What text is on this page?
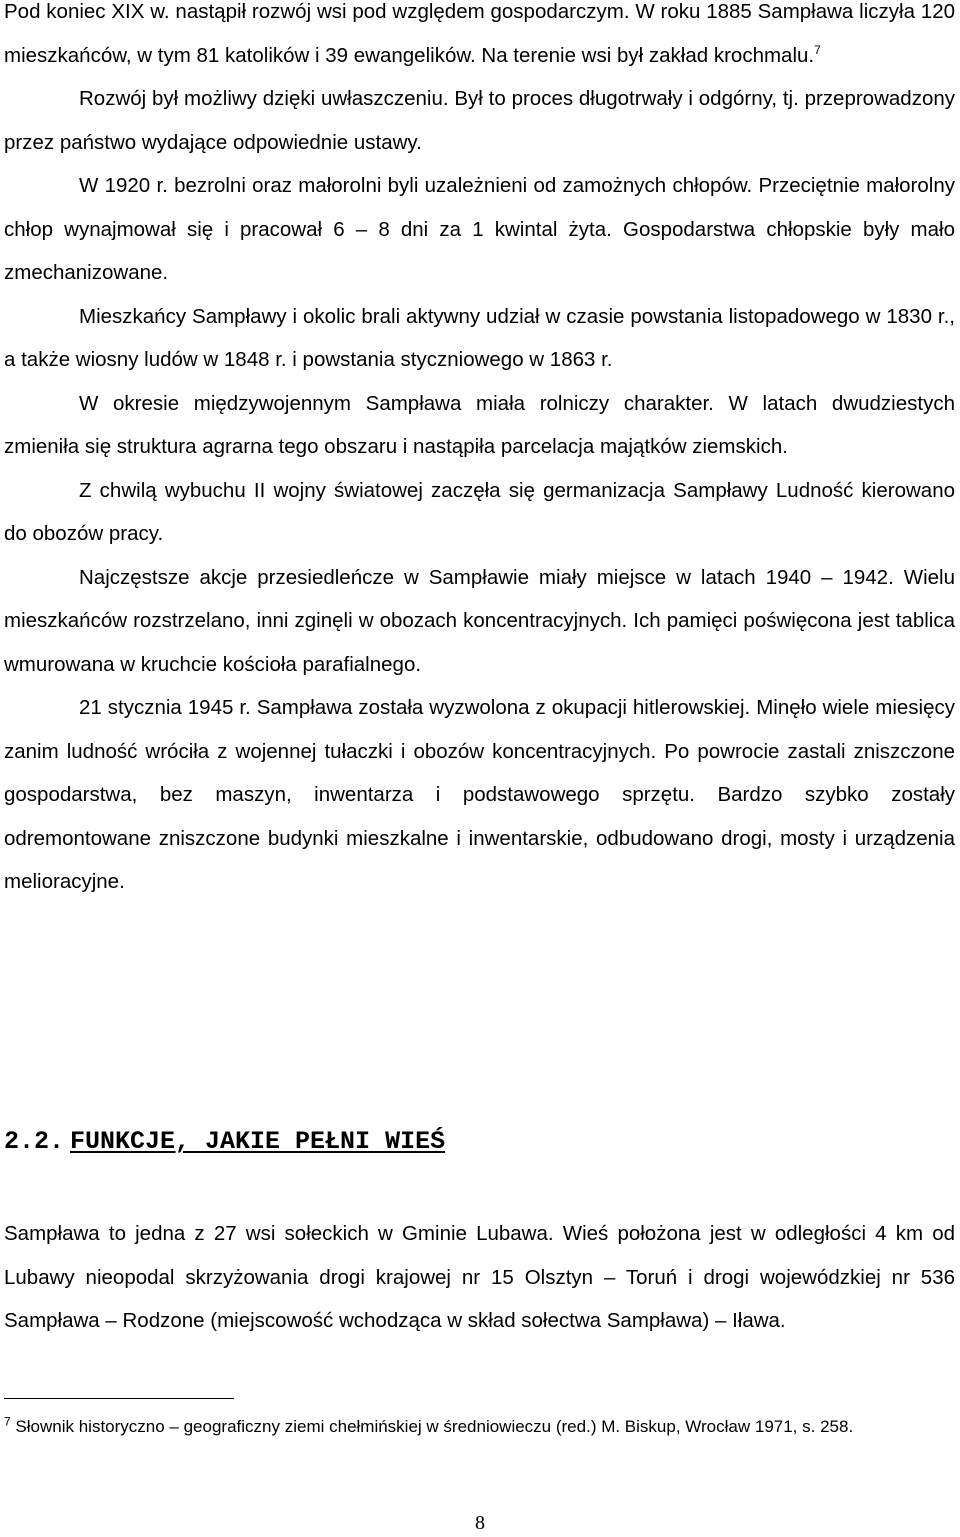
Pod koniec XIX w. nastąpił rozwój wsi pod względem gospodarczym. W roku 1885 Sampława liczyła 120 mieszkańców, w tym 81 katolików i 39 ewangelików. Na terenie wsi był zakład krochmalu.$^7$

Rozwój był możliwy dzięki uwłaszczeniu. Był to proces długotrwały i odgórny, tj. przeprowadzony przez państwo wydające odpowiednie ustawy.

W 1920 r. bezrolni oraz małorolni byli uzależnieni od zamożnych chłopów. Przeciętnie małorolny chłop wynajmował się i pracował 6 – 8 dni za 1 kwintal żyta. Gospodarstwa chłopskie były mało zmechanizowane.

Mieszkańcy Sampławy i okolic brali aktywny udział w czasie powstania listopadowego w 1830 r., a także wiosny ludów w 1848 r. i powstania styczniowego w 1863 r.

W okresie międzywojennym Sampława miała rolniczy charakter. W latach dwudziestych zmieniła się struktura agrarna tego obszaru i nastąpiła parcelacja majątków ziemskich.

Z chwilą wybuchu II wojny światowej zaczęła się germanizacja Sampławy Ludność kierowano do obozów pracy.

Najczęstsze akcje przesiedleńcze w Sampławie miały miejsce w latach 1940 – 1942. Wielu mieszkańców rozstrzelano, inni zginęli w obozach koncentracyjnych. Ich pamięci poświęcona jest tablica wmurowana w kruchcie kościoła parafialnego.

21 stycznia 1945 r. Sampława została wyzwolona z okupacji hitlerowskiej. Minęło wiele miesięcy zanim ludność wróciła z wojennej tułaczki i obozów koncentracyjnych. Po powrocie zastali zniszczone gospodarstwa, bez maszyn, inwentarza i podstawowego sprzętu. Bardzo szybko zostały odremontowane zniszczone budynki mieszkalne i inwentarskie, odbudowano drogi, mosty i urządzenia melioracyjne.

2.2. FUNKCJE, JAKIE PEŁNI WIEŚ

Sampława to jedna z 27 wsi sołeckich w Gminie Lubawa. Wieś położona jest w odległości 4 km od Lubawy nieopodal skrzyżowania drogi krajowej nr 15 Olsztyn – Toruń i drogi wojewódzkiej nr 536 Sampława – Rodzone (miejscowość wchodząca w skład sołectwa Sampława) – Iława.

$^7$ Słownik historyczno – geograficzny ziemi chełmińskiej w średniowieczu (red.) M. Biskup, Wrocław 1971, s. 258.
8
